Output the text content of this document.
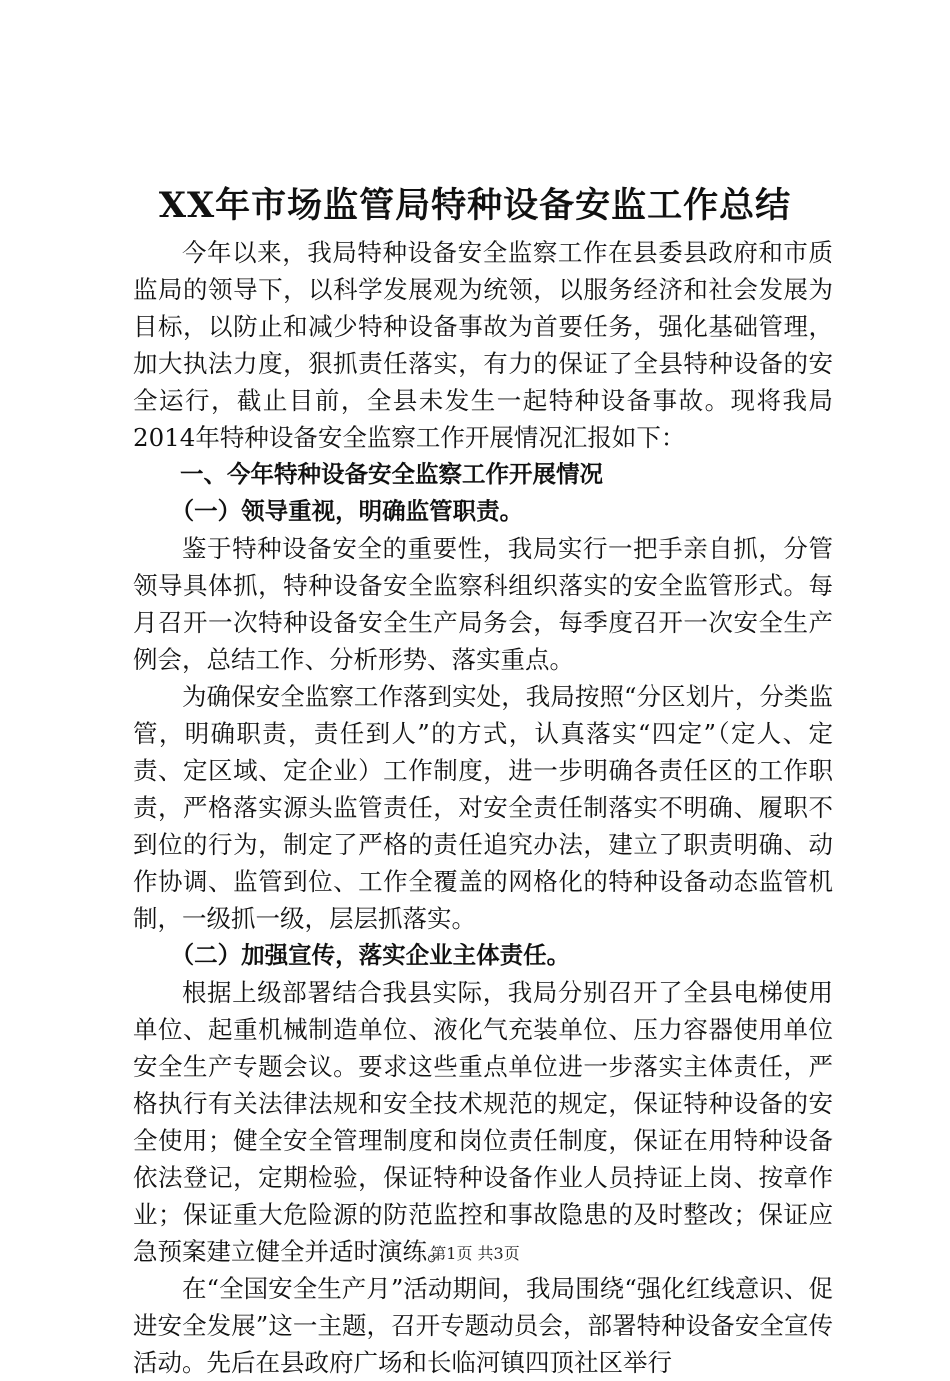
XX年市场监管局特种设备安监工作总结

今年以来，我局特种设备安全监察工作在县委县政府和市质监局的领导下，以科学发展观为统领，以服务经济和社会发展为目标，以防止和减少特种设备事故为首要任务，强化基础管理，加大执法力度，狠抓责任落实，有力的保证了全县特种设备的安全运行，截止目前，全县未发生一起特种设备事故。现将我局2014年特种设备安全监察工作开展情况汇报如下：

一、今年特种设备安全监察工作开展情况

（一）领导重视，明确监管职责。

鉴于特种设备安全的重要性，我局实行一把手亲自抓，分管领导具体抓，特种设备安全监察科组织落实的安全监管形式。每月召开一次特种设备安全生产局务会，每季度召开一次安全生产例会，总结工作、分析形势、落实重点。

为确保安全监察工作落到实处，我局按照“分区划片，分类监管，明确职责，责任到人”的方式，认真落实“四定”（定人、定责、定区域、定企业）工作制度，进一步明确各责任区的工作职责，严格落实源头监管责任，对安全责任制落实不明确、履职不到位的行为，制定了严格的责任追究办法，建立了职责明确、动作协调、监管到位、工作全覆盖的网格化的特种设备动态监管机制，一级抓一级，层层抓落实。

（二）加强宣传，落实企业主体责任。

根据上级部署结合我县实际，我局分别召开了全县电梯使用单位、起重机械制造单位、液化气充装单位、压力容器使用单位安全生产专题会议。要求这些重点单位进一步落实主体责任，严格执行有关法律法规和安全技术规范的规定，保证特种设备的安全使用；健全安全管理制度和岗位责任制度，保证在用特种设备依法登记，定期检验，保证特种设备作业人员持证上岗、按章作业；保证重大危险源的防范监控和事故隐患的及时整改；保证应急预案建立健全并适时演练。

在“全国安全生产月”活动期间，我局围绕“强化红线意识、促进安全发展”这一主题，召开专题动员会，部署特种设备安全宣传活动。先后在县政府广场和长临河镇四顶社区举行

第1页 共3页
